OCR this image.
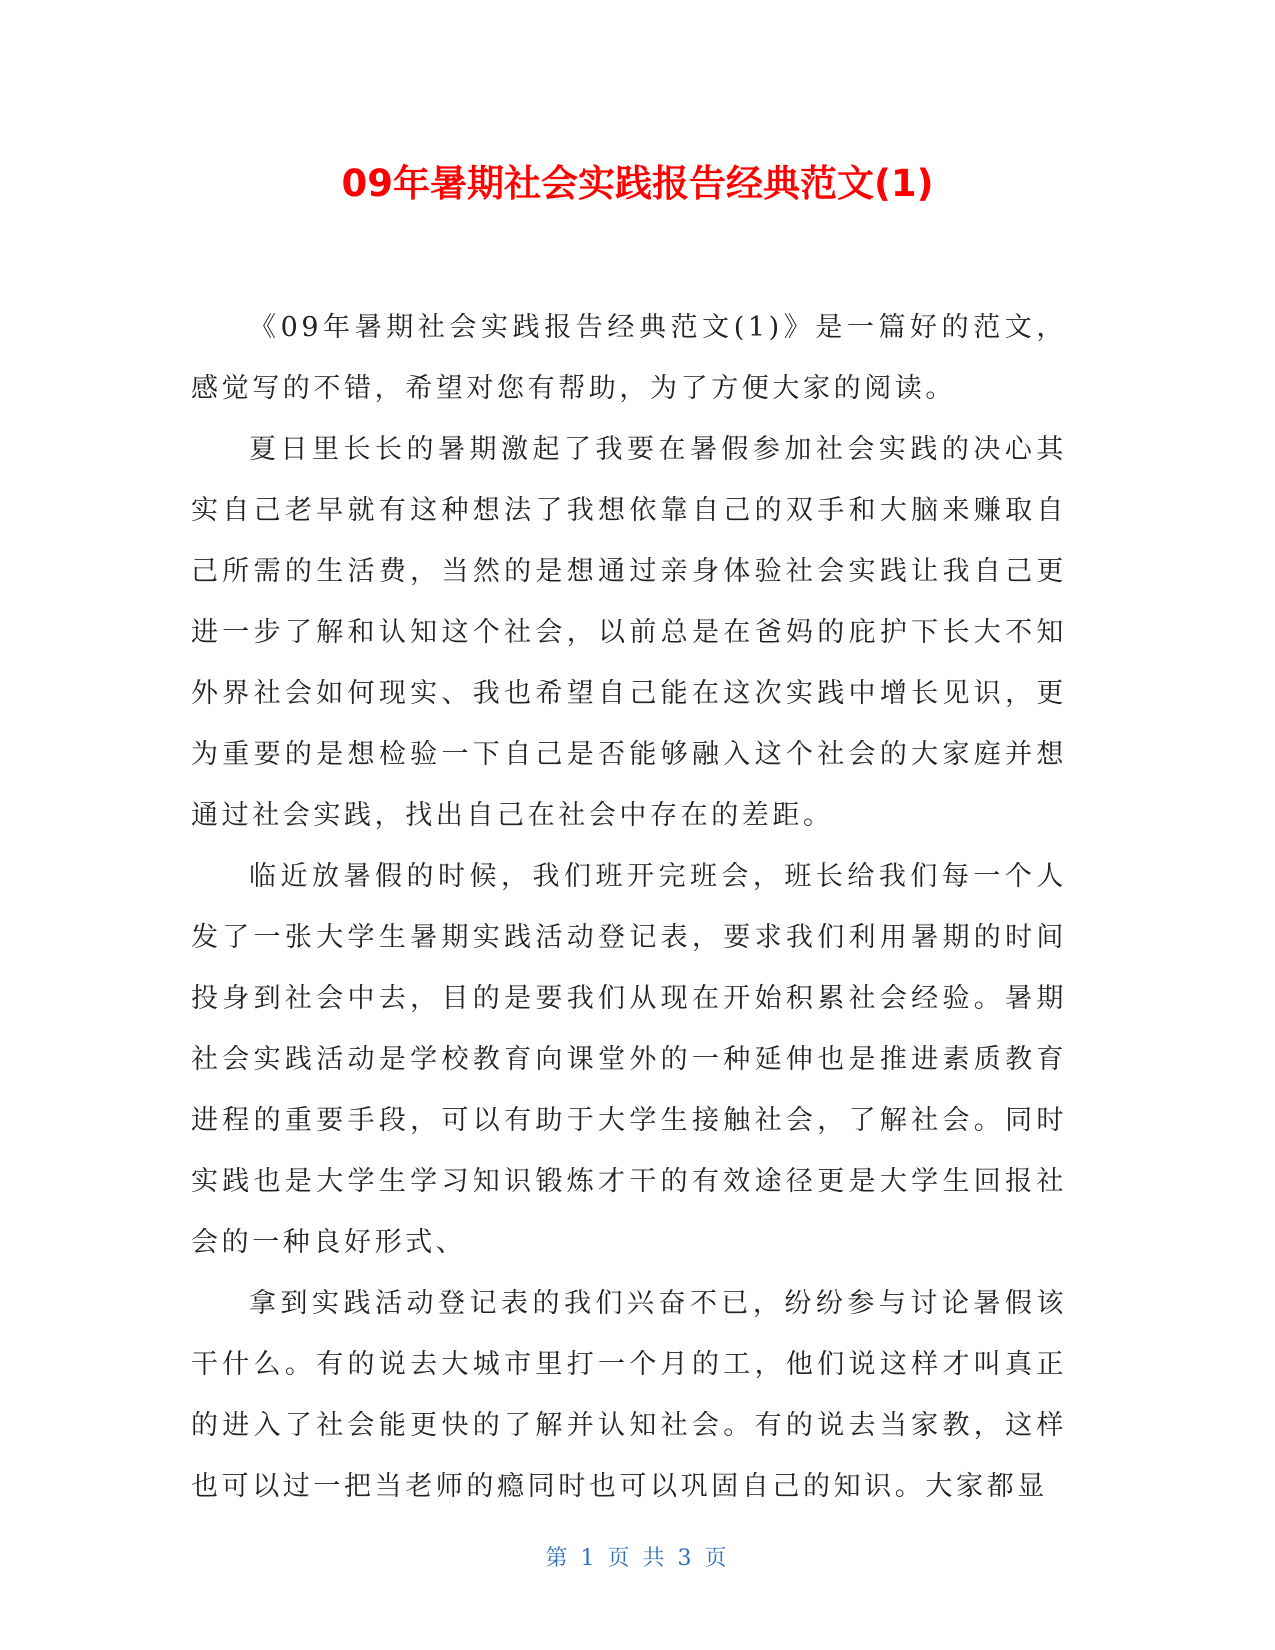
09年暑期社会实践报告经典范文(1)

《09年暑期社会实践报告经典范文(1)》是一篇好的范文，感觉写的不错，希望对您有帮助，为了方便大家的阅读。

夏日里长长的暑期激起了我要在暑假参加社会实践的决心其实自己老早就有这种想法了我想依靠自己的双手和大脑来赚取自己所需的生活费，当然的是想通过亲身体验社会实践让我自己更进一步了解和认知这个社会，以前总是在爸妈的庇护下长大不知外界社会如何现实、我也希望自己能在这次实践中增长见识，更为重要的是想检验一下自己是否能够融入这个社会的大家庭并想通过社会实践，找出自己在社会中存在的差距。

临近放暑假的时候，我们班开完班会，班长给我们每一个人发了一张大学生暑期实践活动登记表，要求我们利用暑期的时间投身到社会中去，目的是要我们从现在开始积累社会经验。暑期社会实践活动是学校教育向课堂外的一种延伸也是推进素质教育进程的重要手段，可以有助于大学生接触社会，了解社会。同时实践也是大学生学习知识锻炼才干的有效途径更是大学生回报社会的一种良好形式、

拿到实践活动登记表的我们兴奋不已，纷纷参与讨论暑假该干什么。有的说去大城市里打一个月的工，他们说这样才叫真正的进入了社会能更快的了解并认知社会。有的说去当家教，这样也可以过一把当老师的瘾同时也可以巩固自己的知识。大家都显

第 1 页 共 3 页
